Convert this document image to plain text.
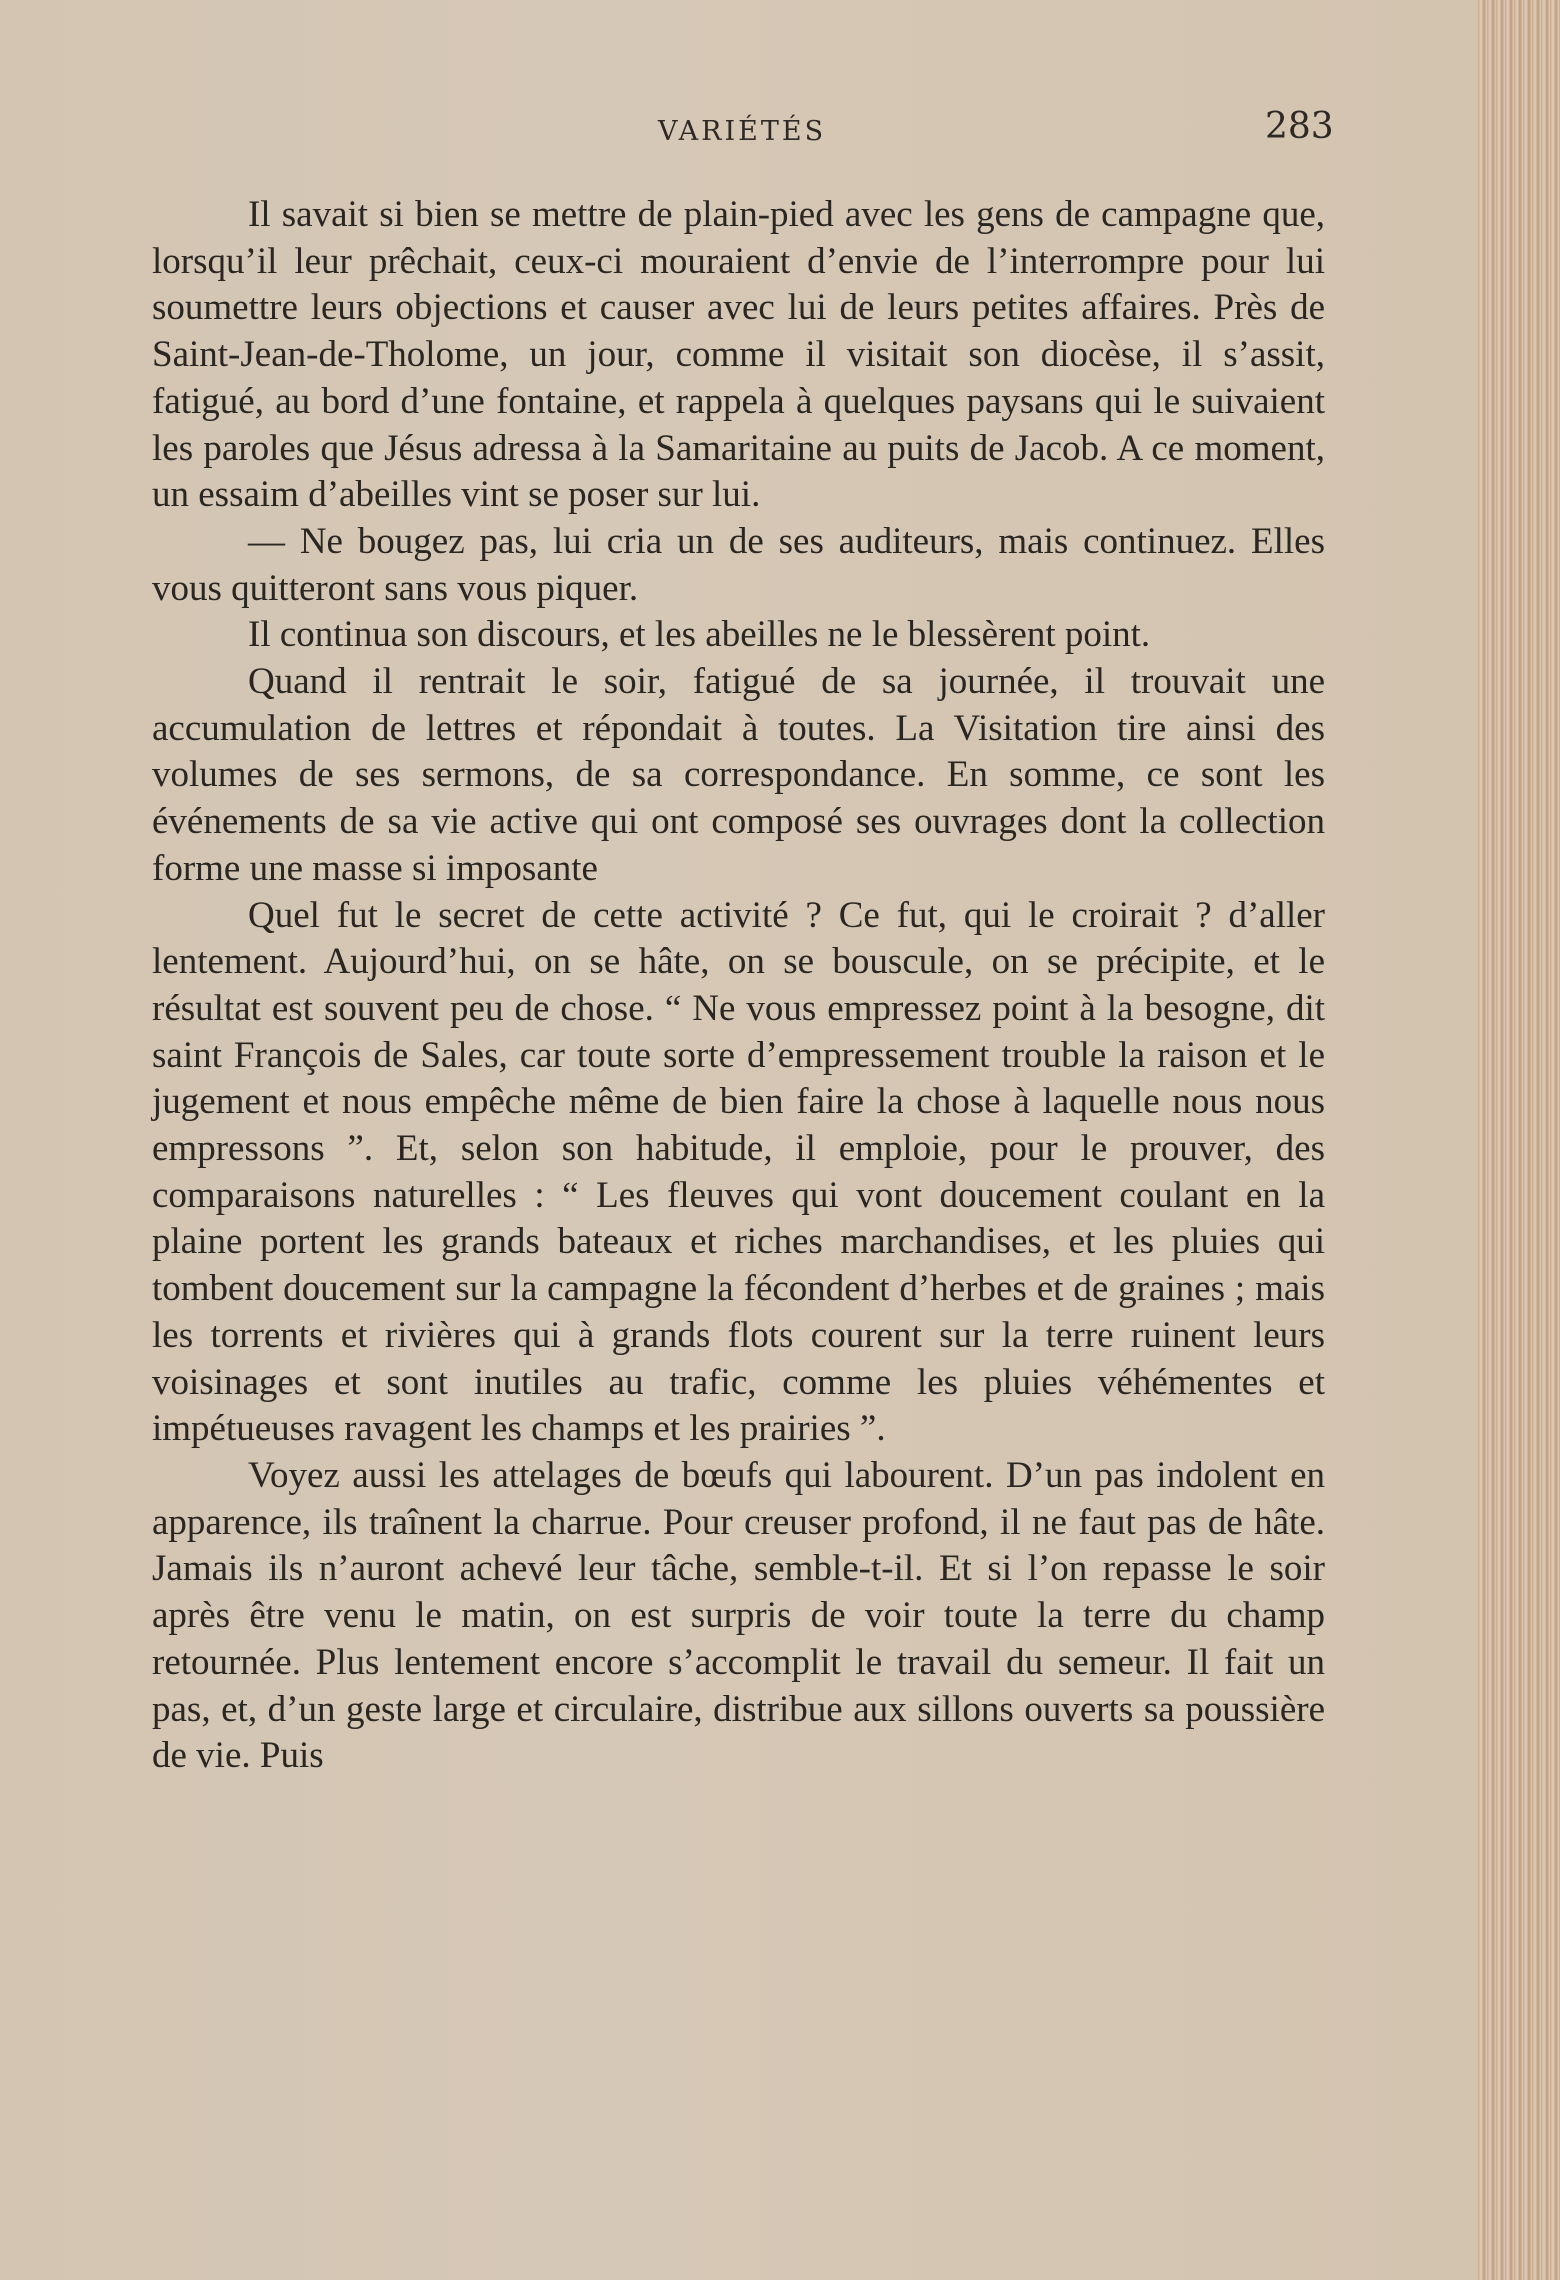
VARIÉTÉS	283

Il savait si bien se mettre de plain-pied avec les gens de campagne que, lorsqu’il leur prêchait, ceux-ci mouraient d’envie de l’interrompre pour lui soumettre leurs objections et causer avec lui de leurs petites affaires. Près de Saint-Jean-de-Tholome, un jour, comme il visitait son diocèse, il s’assit, fatigué, au bord d’une fontaine, et rappela à quelques paysans qui le suivaient les paroles que Jésus adressa à la Samaritaine au puits de Jacob. A ce moment, un essaim d’abeilles vint se poser sur lui.

— Ne bougez pas, lui cria un de ses auditeurs, mais continuez. Elles vous quitteront sans vous piquer.

Il continua son discours, et les abeilles ne le blessèrent point.

Quand il rentrait le soir, fatigué de sa journée, il trouvait une accumulation de lettres et répondait à toutes. La Visitation tire ainsi des volumes de ses sermons, de sa correspondance. En somme, ce sont les événements de sa vie active qui ont composé ses ouvrages dont la collection forme une masse si imposante

Quel fut le secret de cette activité ? Ce fut, qui le croirait ? d’aller lentement. Aujourd’hui, on se hâte, on se bouscule, on se précipite, et le résultat est souvent peu de chose. “ Ne vous empressez point à la besogne, dit saint François de Sales, car toute sorte d’empressement trouble la raison et le jugement et nous empêche même de bien faire la chose à laquelle nous nous empressons ”. Et, selon son habitude, il emploie, pour le prouver, des comparaisons naturelles : “ Les fleuves qui vont doucement coulant en la plaine portent les grands bateaux et riches marchandises, et les pluies qui tombent doucement sur la campagne la fécondent d’herbes et de graines ; mais les torrents et rivières qui à grands flots courent sur la terre ruinent leurs voisinages et sont inutiles au trafic, comme les pluies véhémentes et impétueuses ravagent les champs et les prairies ”.

Voyez aussi les attelages de bœufs qui labourent. D’un pas indolent en apparence, ils traînent la charrue. Pour creuser profond, il ne faut pas de hâte. Jamais ils n’auront achevé leur tâche, semble-t-il. Et si l’on repasse le soir après être venu le matin, on est surpris de voir toute la terre du champ retournée. Plus lentement encore s’accomplit le travail du semeur. Il fait un pas, et, d’un geste large et circulaire, distribue aux sillons ouverts sa poussière de vie. Puis
